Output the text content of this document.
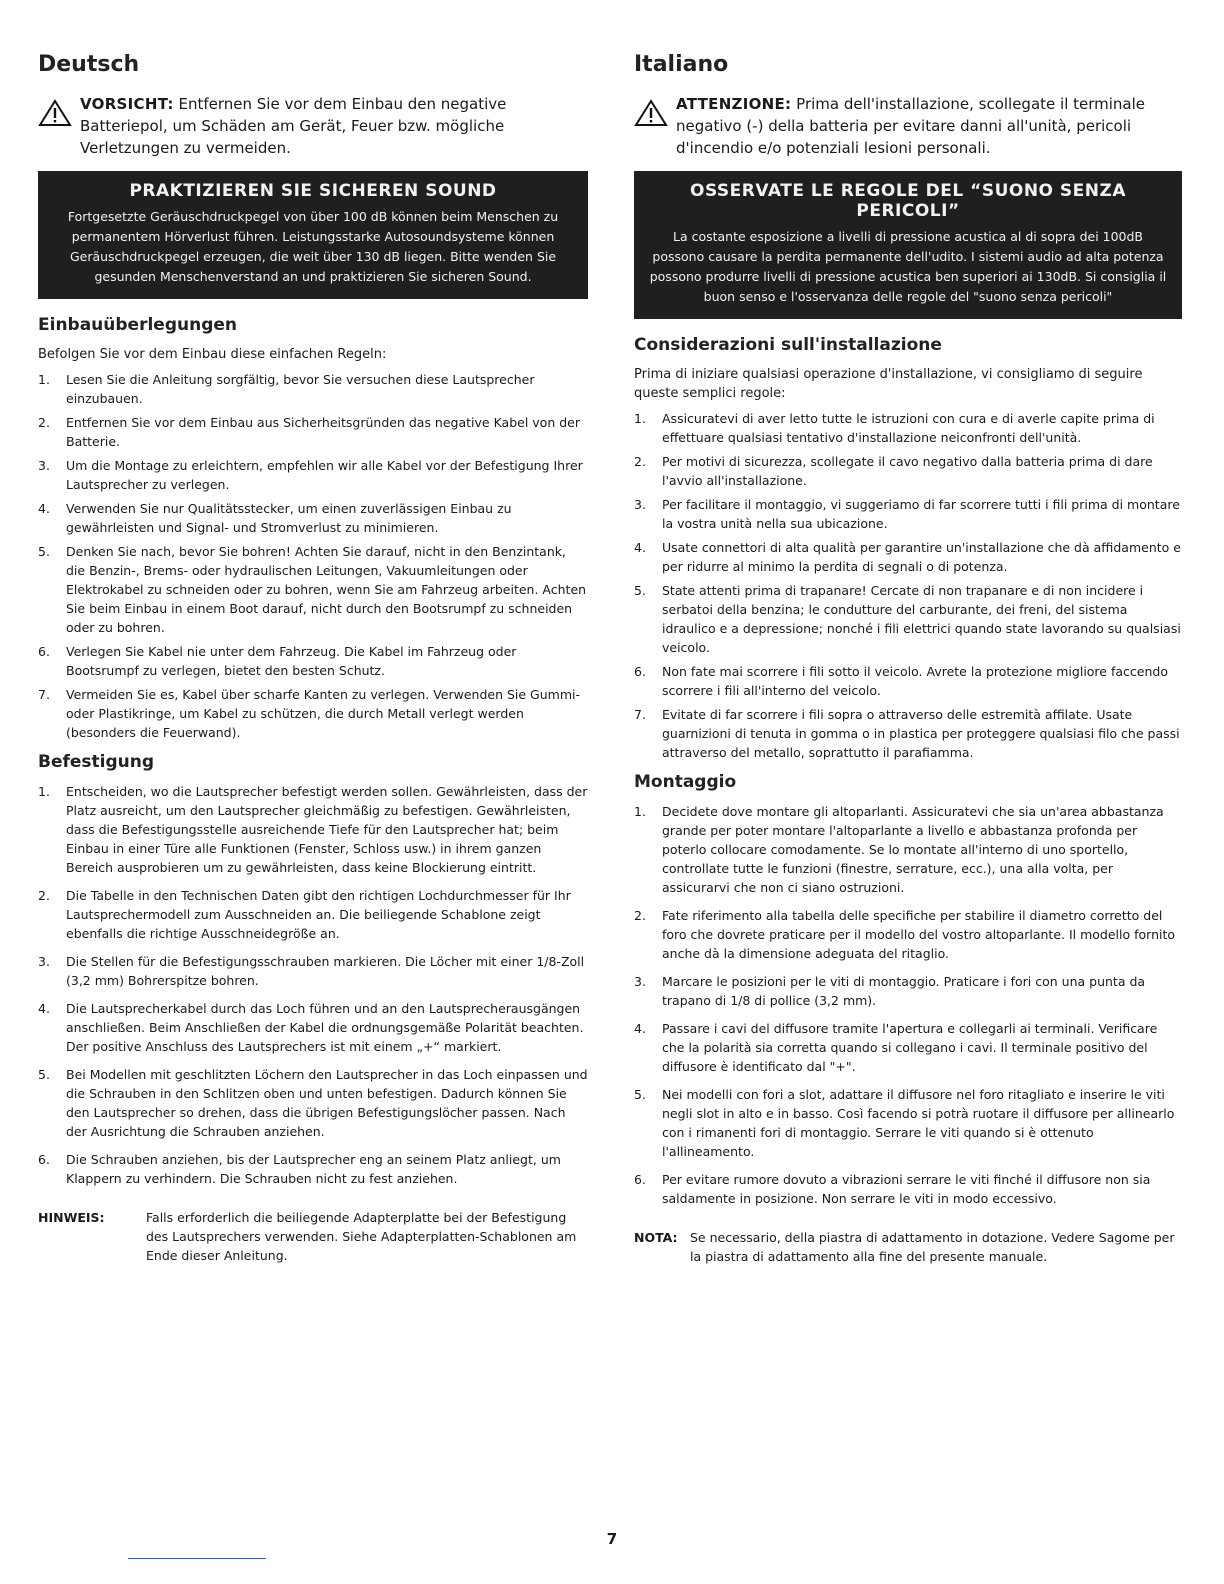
Deutsch
VORSICHT: Entfernen Sie vor dem Einbau den negative Batteriepol, um Schäden am Gerät, Feuer bzw. mögliche Verletzungen zu vermeiden.
PRAKTIZIEREN SIE SICHEREN SOUND
Fortgesetzte Geräuschdruckpegel von über 100 dB können beim Menschen zu permanentem Hörverlust führen. Leistungsstarke Autosoundsysteme können Geräuschdruckpegel erzeugen, die weit über 130 dB liegen. Bitte wenden Sie gesunden Menschenverstand an und praktizieren Sie sicheren Sound.
Einbauüberlegungen

Befolgen Sie vor dem Einbau diese einfachen Regeln:

1.	Lesen Sie die Anleitung sorgfältig, bevor Sie versuchen diese Lautsprecher einzubauen.
2.	Entfernen Sie vor dem Einbau aus Sicherheitsgründen das negative Kabel von der Batterie.
3.	Um die Montage zu erleichtern, empfehlen wir alle Kabel vor der Befestigung Ihrer Lautsprecher zu verlegen.
4.	Verwenden Sie nur Qualitätsstecker, um einen zuverlässigen Einbau zu gewährleisten und Signal- und Stromverlust zu minimieren.
5.	Denken Sie nach, bevor Sie bohren! Achten Sie darauf, nicht in den Benzintank, die Benzin-, Brems- oder hydraulischen Leitungen, Vakuumleitungen oder Elektrokabel zu schneiden oder zu bohren, wenn Sie am Fahrzeug arbeiten. Achten Sie beim Einbau in einem Boot darauf, nicht durch den Bootsrumpf zu schneiden oder zu bohren.
6.	Verlegen Sie Kabel nie unter dem Fahrzeug. Die Kabel im Fahrzeug oder Bootsrumpf zu verlegen, bietet den besten Schutz.
7.	Vermeiden Sie es, Kabel über scharfe Kanten zu verlegen. Verwenden Sie Gummi- oder Plastikringe, um Kabel zu schützen, die durch Metall verlegt werden (besonders die Feuerwand).
Befestigung
1.	Entscheiden, wo die Lautsprecher befestigt werden sollen. Gewährleisten, dass der Platz ausreicht, um den Lautsprecher gleichmäßig zu befestigen. Gewährleisten, dass die Befestigungsstelle ausreichende Tiefe für den Lautsprecher hat; beim Einbau in einer Türe alle Funktionen (Fenster, Schloss usw.) in ihrem ganzen Bereich ausprobieren um zu gewährleisten, dass keine Blockierung eintritt.
2.	Die Tabelle in den Technischen Daten gibt den richtigen Lochdurchmesser für Ihr Lautsprechermodell zum Ausschneiden an. Die beiliegende Schablone zeigt ebenfalls die richtige Ausschneidegröße an.
3.	Die Stellen für die Befestigungsschrauben markieren. Die Löcher mit einer 1/8-Zoll (3,2 mm) Bohrerspitze bohren.
4.	Die Lautsprecherkabel durch das Loch führen und an den Lautsprecherausgängen anschließen. Beim Anschließen der Kabel die ordnungsgemäße Polarität beachten. Der positive Anschluss des Lautsprechers ist mit einem „+“ markiert.
5.	Bei Modellen mit geschlitzten Löchern den Lautsprecher in das Loch einpassen und die Schrauben in den Schlitzen oben und unten befestigen. Dadurch können Sie den Lautsprecher so drehen, dass die übrigen Befestigungslöcher passen. Nach der Ausrichtung die Schrauben anziehen.
6.	Die Schrauben anziehen, bis der Lautsprecher eng an seinem Platz anliegt, um Klappern zu verhindern. Die Schrauben nicht zu fest anziehen.
HINWEIS:	Falls erforderlich die beiliegende Adapterplatte bei der Befestigung des Lautsprechers verwenden. Siehe Adapterplatten-Schablonen am Ende dieser Anleitung.
Italiano
ATTENZIONE: Prima dell'installazione, scollegate il terminale negativo (-) della batteria per evitare danni all'unità, pericoli d'incendio e/o potenziali lesioni personali.
OSSERVATE LE REGOLE DEL “SUONO SENZA PERICOLI”
La costante esposizione a livelli di pressione acustica al di sopra dei 100dB possono causare la perdita permanente dell'udito. I sistemi audio ad alta potenza possono produrre livelli di pressione acustica ben superiori ai 130dB. Si consiglia il buon senso e l'osservanza delle regole del "suono senza pericoli"
Considerazioni sull'installazione

Prima di iniziare qualsiasi operazione d'installazione, vi consigliamo di seguire queste semplici regole:

1.	Assicuratevi di aver letto tutte le istruzioni con cura e di averle capite prima di effettuare qualsiasi tentativo d'installazione neiconfronti dell'unità.
2.	Per motivi di sicurezza, scollegate il cavo negativo dalla batteria prima di dare l'avvio all'installazione.
3.	Per facilitare il montaggio, vi suggeriamo di far scorrere tutti i fili prima di montare la vostra unità nella sua ubicazione.
4.	Usate connettori di alta qualità per garantire un'installazione che dà affidamento e per ridurre al minimo la perdita di segnali o di potenza.
5.	State attenti prima di trapanare! Cercate di non trapanare e di non incidere i serbatoi della benzina; le condutture del carburante, dei freni, del sistema idraulico e a depressione; nonché i fili elettrici quando state lavorando su qualsiasi veicolo.
6.	Non fate mai scorrere i fili sotto il veicolo. Avrete la protezione migliore faccendo scorrere i fili all'interno del veicolo.
7.	Evitate di far scorrere i fili sopra o attraverso delle estremità affilate. Usate guarnizioni di tenuta in gomma o in plastica per proteggere qualsiasi filo che passi attraverso del metallo, soprattutto il parafiamma.
Montaggio
1.	Decidete dove montare gli altoparlanti. Assicuratevi che sia un'area abbastanza grande per poter montare l'altoparlante a livello e abbastanza profonda per poterlo collocare comodamente. Se lo montate all'interno di uno sportello, controllate tutte le funzioni (finestre, serrature, ecc.), una alla volta, per assicurarvi che non ci siano ostruzioni.
2.	Fate riferimento alla tabella delle specifiche per stabilire il diametro corretto del foro che dovrete praticare per il modello del vostro altoparlante. Il modello fornito anche dà la dimensione adeguata del ritaglio.
3.	Marcare le posizioni per le viti di montaggio. Praticare i fori con una punta da trapano di 1/8 di pollice (3,2 mm).
4.	Passare i cavi del diffusore tramite l'apertura e collegarli ai terminali. Verificare che la polarità sia corretta quando si collegano i cavi. Il terminale positivo del diffusore è identificato dal "+".
5.	Nei modelli con fori a slot, adattare il diffusore nel foro ritagliato e inserire le viti negli slot in alto e in basso. Così facendo si potrà ruotare il diffusore per allinearlo con i rimanenti fori di montaggio. Serrare le viti quando si è ottenuto l'allineamento.
6.	Per evitare rumore dovuto a vibrazioni serrare le viti finché il diffusore non sia saldamente in posizione. Non serrare le viti in modo eccessivo.
NOTA: Se necessario, della piastra di adattamento in dotazione. Vedere Sagome per la piastra di adattamento alla fine del presente manuale.
7
